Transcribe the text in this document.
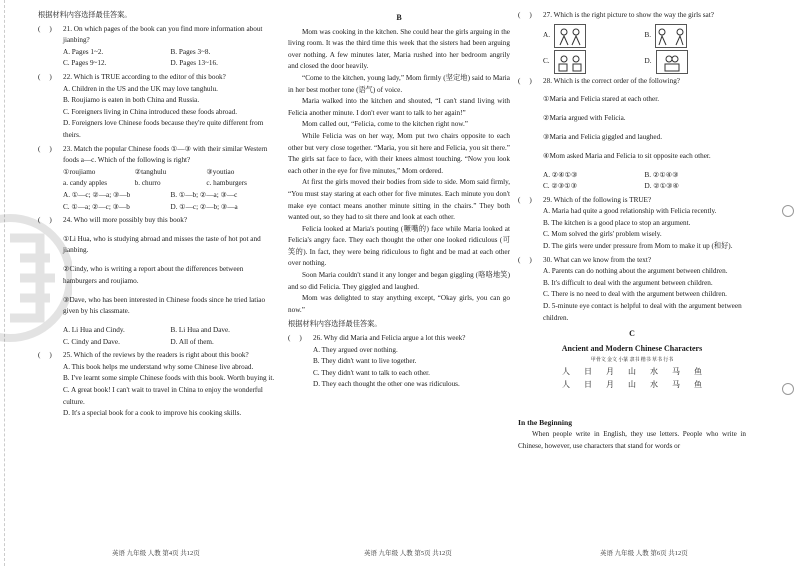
根据材料内容选择最佳答案。

(     )	21. On which pages of the book can you find more information about jianbing?
A. Pages 1~2.	B. Pages 3~8.
C. Pages 9~12.	D. Pages 13~16.
(     )	22. Which is TRUE according to the editor of this book?

A. Children in the US and the UK may love tanghulu.

B. Roujiamo is eaten in both China and Russia.

C. Foreigners living in China introduced these foods abroad.

D. Foreigners love Chinese foods because they're quite different from theirs.

(     )	23. Match the popular Chinese foods ①—③ with their similar Western foods a—c. Which of the following is right?
①roujiamo	②tanghulu	③youtiao
a. candy apples	b. churro	c. hamburgers
A. ①—c; ②—a; ③—b	B. ①—b; ②—a; ③—c
C. ①—a; ②—c; ③—b	D. ①—c; ②—b; ③—a
(     )	24. Who will more possibly buy this book?

①Li Hua, who is studying abroad and misses the taste of hot pot and jianbing.

②Cindy, who is writing a report about the differences between hamburgers and roujiamo.

③Dave, who has been interested in Chinese foods since he tried latiao given by his classmate.

A. Li Hua and Cindy.	B. Li Hua and Dave.
C. Cindy and Dave.	D. All of them.
(     )	25. Which of the reviews by the readers is right about this book?

A. This book helps me understand why some Chinese live abroad.

B. I've learnt some simple Chinese foods with this book. Worth buying it.

C. A great book! I can't wait to travel in China to enjoy the wonderful culture.

D. It's a special book for a cook to improve his cooking skills.

B

Mom was cooking in the kitchen. She could hear the girls arguing in the living room. It was the third time this week that the sisters had been arguing over nothing. A few minutes later, Maria rushed into her bedroom angrily and closed the door heavily.

“Come to the kitchen, young lady,” Mom firmly (坚定地) said to Maria in her best mother tone (语气) of voice.

Maria walked into the kitchen and shouted, “I can't stand living with Felicia another minute. I don't ever want to talk to her again!”

Mom called out, “Felicia, come to the kitchen right now.”

While Felicia was on her way, Mom put two chairs opposite to each other but very close together. “Maria, you sit here and Felicia, you sit there.” The girls sat face to face, with their knees almost touching. “Now you look each other in the eye for five minutes,” Mom ordered.

At first the girls moved their bodies from side to side. Mom said firmly, “You must stay staring at each other for five minutes. Each minute you don't make eye contact means another minute sitting in the chairs.” They both wanted out, so they had to sit there and look at each other.

Felicia looked at Maria's pouting (噘嘴的) face while Maria looked at Felicia's angry face. They each thought the other one looked ridiculous (可笑的). In fact, they were being ridiculous to fight and be mad at each other over nothing.

Soon Maria couldn't stand it any longer and began giggling (咯咯地笑) and so did Felicia. They giggled and laughed.

Mom was delighted to stay anything except, “Okay girls, you can go now.”

根据材料内容选择最佳答案。

(     )	26. Why did Maria and Felicia argue a lot this week?

A. They argued over nothing.

B. They didn't want to live together.

C. They didn't want to talk to each other.

D. They each thought the other one was ridiculous.

(     )	27. Which is the right picture to show the way the girls sat?
A.	B.
C.	D.
(     )	28. Which is the correct order of the following?

①Maria and Felicia stared at each other.

②Maria argued with Felicia.

③Maria and Felicia giggled and laughed.

④Mom asked Maria and Felicia to sit opposite each other.

A. ②④①③	B. ②①④③
C. ②③①③	D. ②①③④
(     )	29. Which of the following is TRUE?

A. Maria had quite a good relationship with Felicia recently.

B. The kitchen is a good place to stop an argument.

C. Mom solved the girls' problem wisely.

D. The girls were under pressure from Mom to make it up (和好).

(     )	30. What can we know from the text?

A. Parents can do nothing about the argument between children.

B. It's difficult to deal with the argument between children.

C. There is no need to deal with the argument between children.

D. 5-minute eye contact is helpful to deal with the argument between children.

C
Ancient and Modern Chinese Characters
甲骨文 金文 小篆 隶书 楷书 草书 行书
人 日 月 山 水 马 鱼
人 日 月 山 水 马 鱼
In the Beginning

When people write in English, they use letters. People who write in Chinese, however, use characters that stand for words or

英语 九年级 人教 第4页 共12页	英语 九年级 人教 第5页 共12页	英语 九年级 人教 第6页 共12页
